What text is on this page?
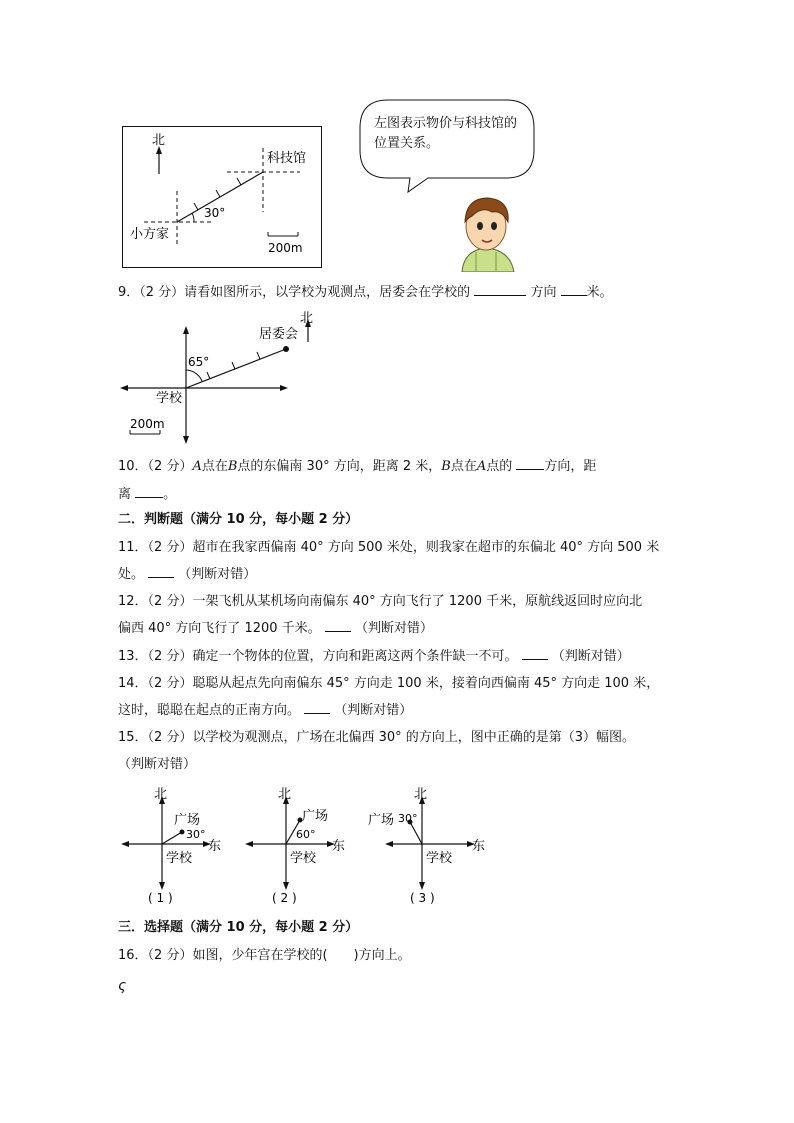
北
30°
科技馆
小方家
200m
左图表示物价与科技馆的位置关系。
9．（2 分）请看如图所示，以学校为观测点，居委会在学校的	方向 米。
65°
居委会
北
学校
200m
10．（2 分）A点在B点的东偏南 30° 方向，距离 2 米，B点在A点的 方向，距
离 。
二．判断题（满分 10 分，每小题 2 分）
11．（2 分）超市在我家西偏南 40° 方向 500 米处，则我家在超市的东偏北 40° 方向 500 米
处。	（判断对错）
12．（2 分）一架飞机从某机场向南偏东 40° 方向飞行了 1200 千米，原航线返回时应向北
偏西 40° 方向飞行了 1200 千米。	（判断对错）
13．（2 分）确定一个物体的位置，方向和距离这两个条件缺一不可。	（判断对错）
14．（2 分）聪聪从起点先向南偏东 45° 方向走 100 米，接着向西偏南 45° 方向走 100 米，
这时，聪聪在起点的正南方向。	（判断对错）
15．（2 分）以学校为观测点，广场在北偏西 30° 的方向上，图中正确的是第（3）幅图。
（判断对错）
北
广场
30°
东
学校
( 1 )
北
广场
60°
东
学校
( 2 )
北
广场 30°
东
学校
( 3 )
三．选择题（满分 10 分，每小题 2 分）
16．（2 分）如图，少年宫在学校的(　　)方向上。
ς
